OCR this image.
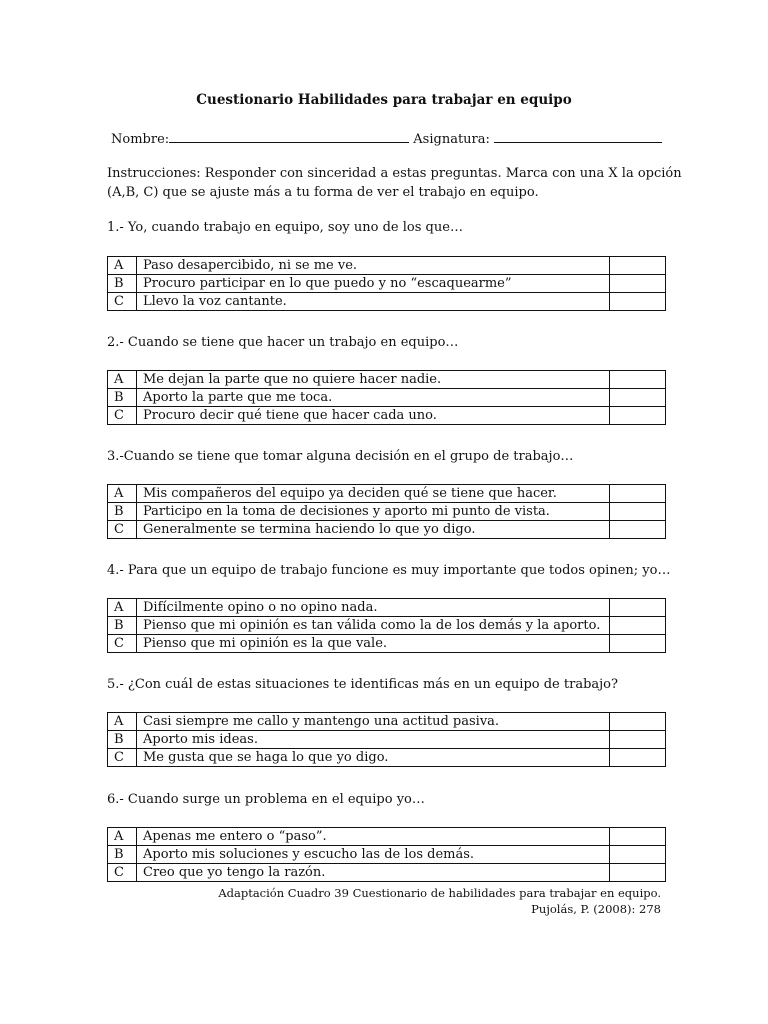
Cuestionario Habilidades para trabajar en equipo
Nombre:	Asignatura:
Instrucciones: Responder con sinceridad a estas preguntas. Marca con una X la opción
(A,B, C) que se ajuste más a tu forma de ver el trabajo en equipo.
1.- Yo, cuando trabajo en equipo, soy uno de los que…
A	Paso desapercibido, ni se me ve.	
B	Procuro participar en lo que puedo y no “escaquearme”	
C	Llevo la voz cantante.	
2.- Cuando se tiene que hacer un trabajo en equipo…
A	Me dejan la parte que no quiere hacer nadie.	
B	Aporto la parte que me toca.	
C	Procuro decir qué tiene que hacer cada uno.	
3.-Cuando se tiene que tomar alguna decisión en el grupo de trabajo…
A	Mis compañeros del equipo ya deciden qué se tiene que hacer.	
B	Participo en la toma de decisiones y aporto mi punto de vista.	
C	Generalmente se termina haciendo lo que yo digo.	
4.- Para que un equipo de trabajo funcione es muy importante que todos opinen; yo…
A	Difícilmente opino o no opino nada.	
B	Pienso que mi opinión es tan válida como la de los demás y la aporto.	
C	Pienso que mi opinión es la que vale.	
5.- ¿Con cuál de estas situaciones te identificas más en un equipo de trabajo?
A	Casi siempre me callo y mantengo una actitud pasiva.	
B	Aporto mis ideas.	
C	Me gusta que se haga lo que yo digo.	
6.- Cuando surge un problema en el equipo yo…
A	Apenas me entero o “paso”.	
B	Aporto mis soluciones y escucho las de los demás.	
C	Creo que yo tengo la razón.	
Adaptación Cuadro 39 Cuestionario de habilidades para trabajar en equipo.
Pujolás, P. (2008): 278
